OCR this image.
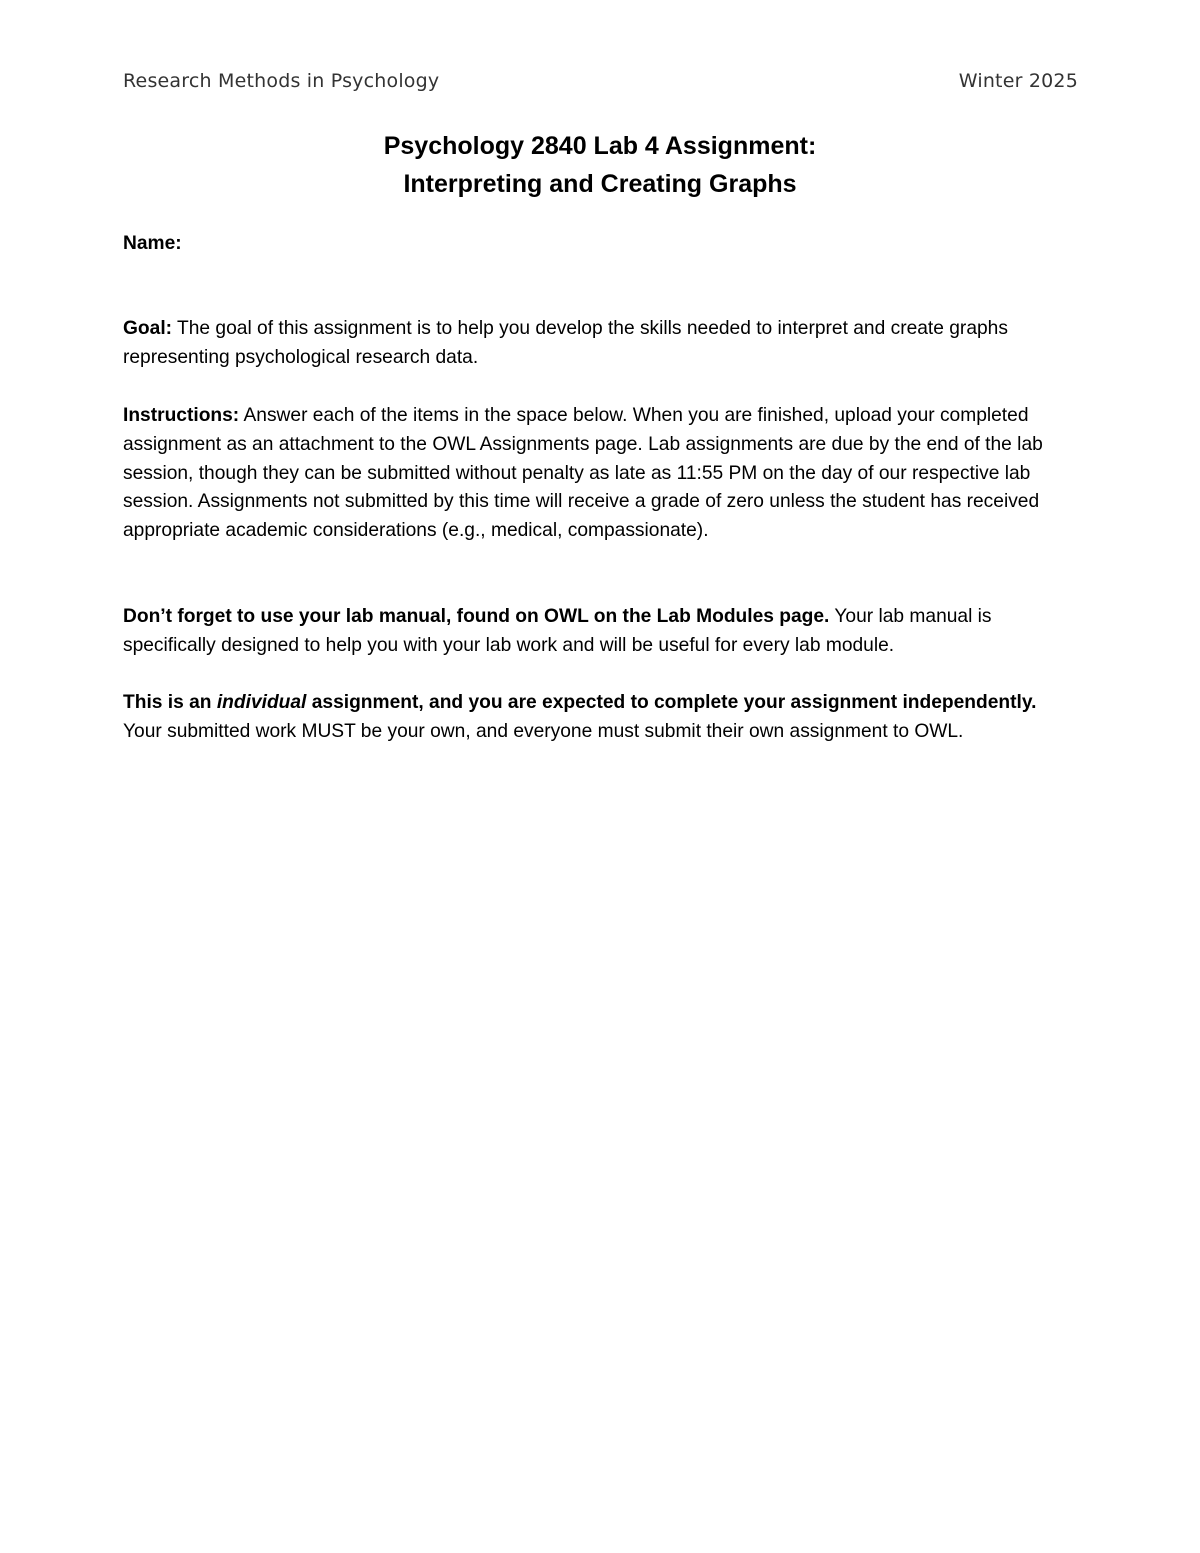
Research Methods in Psychology	Winter 2025
Psychology 2840 Lab 4 Assignment:
Interpreting and Creating Graphs
Name:
Goal: The goal of this assignment is to help you develop the skills needed to interpret and create graphs representing psychological research data.
Instructions: Answer each of the items in the space below. When you are finished, upload your completed assignment as an attachment to the OWL Assignments page. Lab assignments are due by the end of the lab session, though they can be submitted without penalty as late as 11:55 PM on the day of our respective lab session. Assignments not submitted by this time will receive a grade of zero unless the student has received appropriate academic considerations (e.g., medical, compassionate).
Don’t forget to use your lab manual, found on OWL on the Lab Modules page. Your lab manual is specifically designed to help you with your lab work and will be useful for every lab module.
This is an individual assignment, and you are expected to complete your assignment independently. Your submitted work MUST be your own, and everyone must submit their own assignment to OWL.
